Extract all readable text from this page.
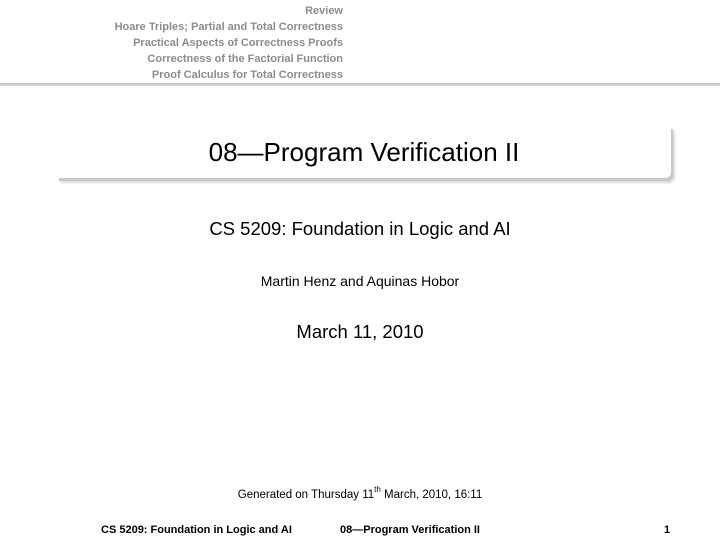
Review
Hoare Triples; Partial and Total Correctness
Practical Aspects of Correctness Proofs
Correctness of the Factorial Function
Proof Calculus for Total Correctness
08—Program Verification II
CS 5209: Foundation in Logic and AI
Martin Henz and Aquinas Hobor
March 11, 2010
Generated on Thursday 11th March, 2010, 16:11
CS 5209: Foundation in Logic and AI	08—Program Verification II	1
